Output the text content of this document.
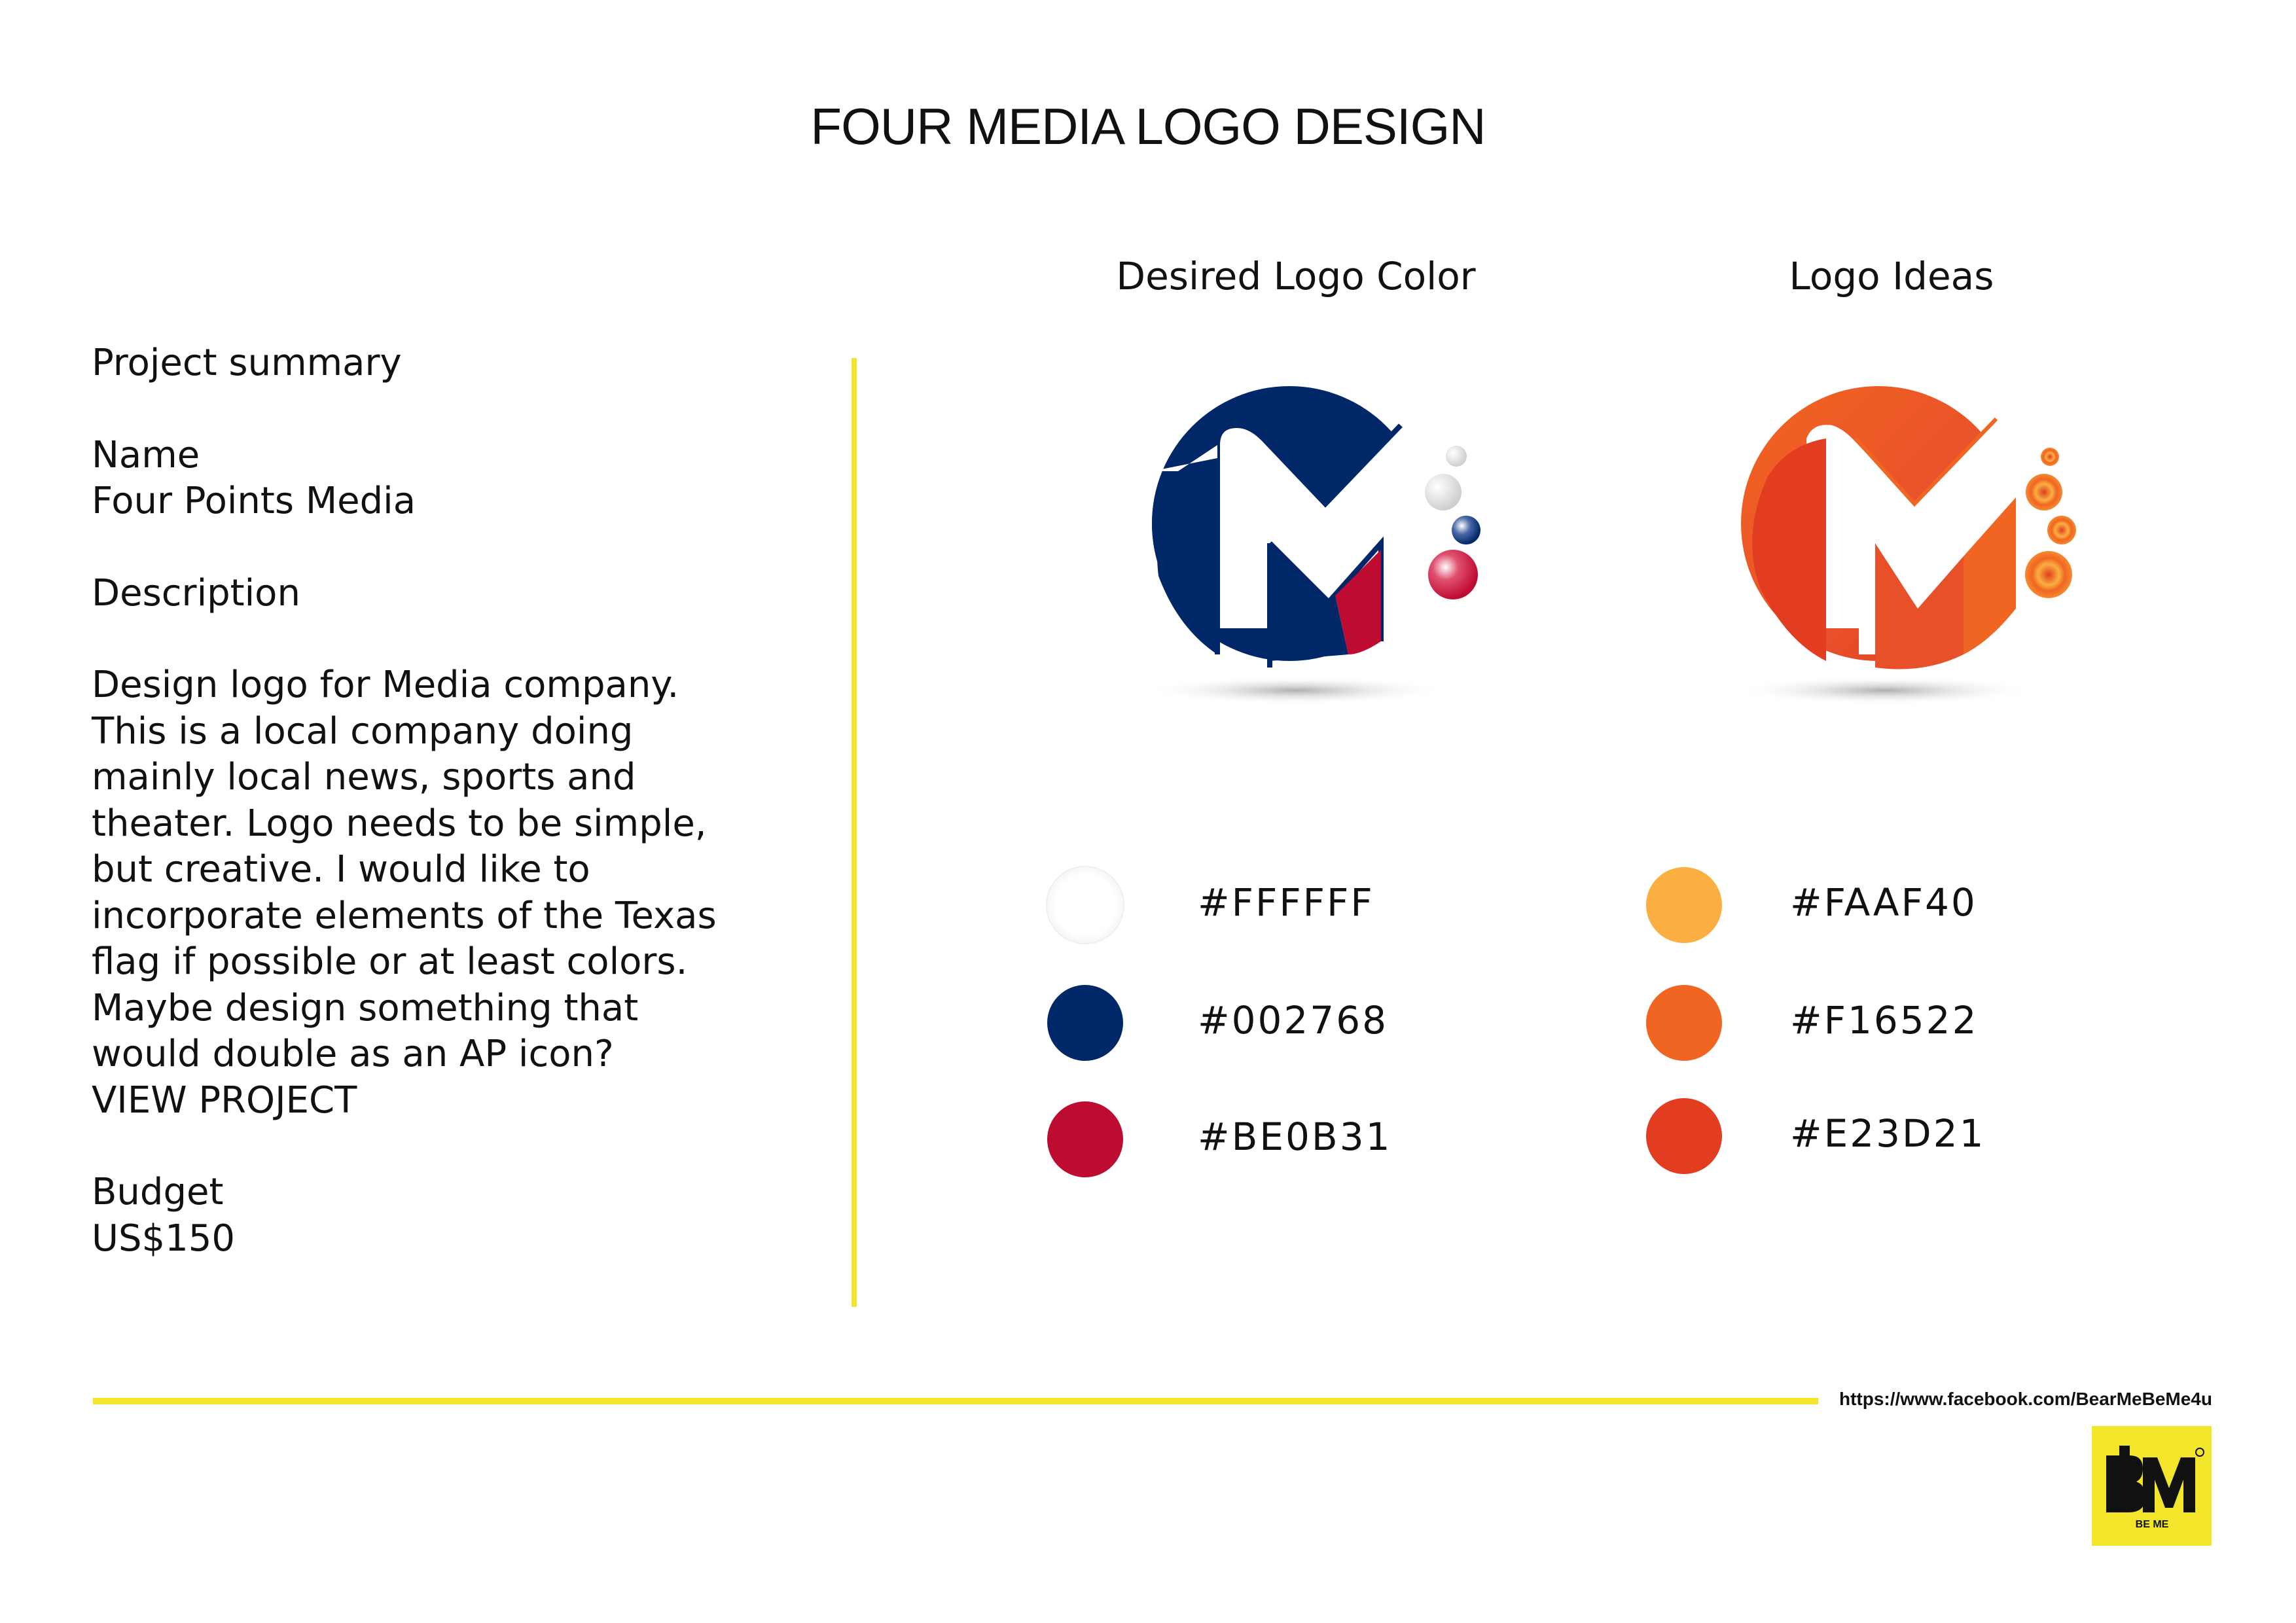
FOUR MEDIA LOGO DESIGN
Desired Logo Color	Logo Ideas

Project summary

Name

Four Points Media

Description

Design logo for Media company. This is a local company doing mainly local news, sports and theater. Logo needs to be simple, but creative. I would like to incorporate elements of the Texas flag if possible or at least colors. Maybe design something that would double as an AP icon?

VIEW PROJECT

Budget

US$150

#FFFFFF
#002768
#BE0B31
#FAAF40
#F16522
#E23D21
https://www.facebook.com/BearMeBeMe4u
BE ME
